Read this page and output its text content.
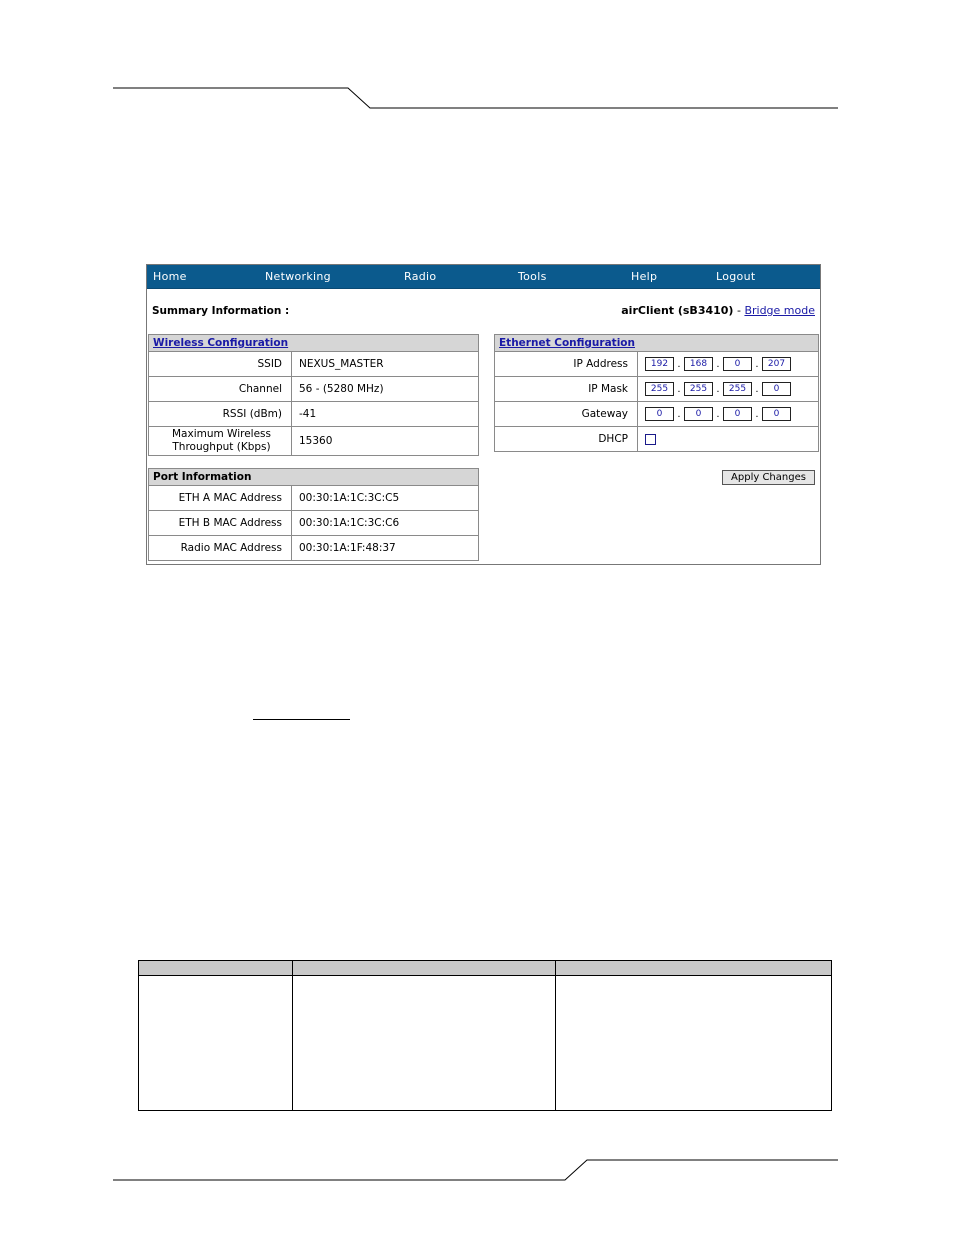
Home	Networking	Radio	Tools	Help	Logout
Summary Information :	airClient (sB3410) - Bridge mode
Wireless Configuration
SSID	NEXUS_MASTER
Channel	56 - (5280 MHz)
RSSI (dBm)	-41
Maximum Wireless Throughput (Kbps)	15360
Port Information
ETH A MAC Address	00:30:1A:1C:3C:C5
ETH B MAC Address	00:30:1A:1C:3C:C6
Radio MAC Address	00:30:1A:1F:48:37
Ethernet Configuration
IP Address	192 .	168 .	0	.	207
IP Mask	255 .	255 .	255 .	0
Gateway	0	.	0	.	0	.	0
DHCP
Apply Changes
